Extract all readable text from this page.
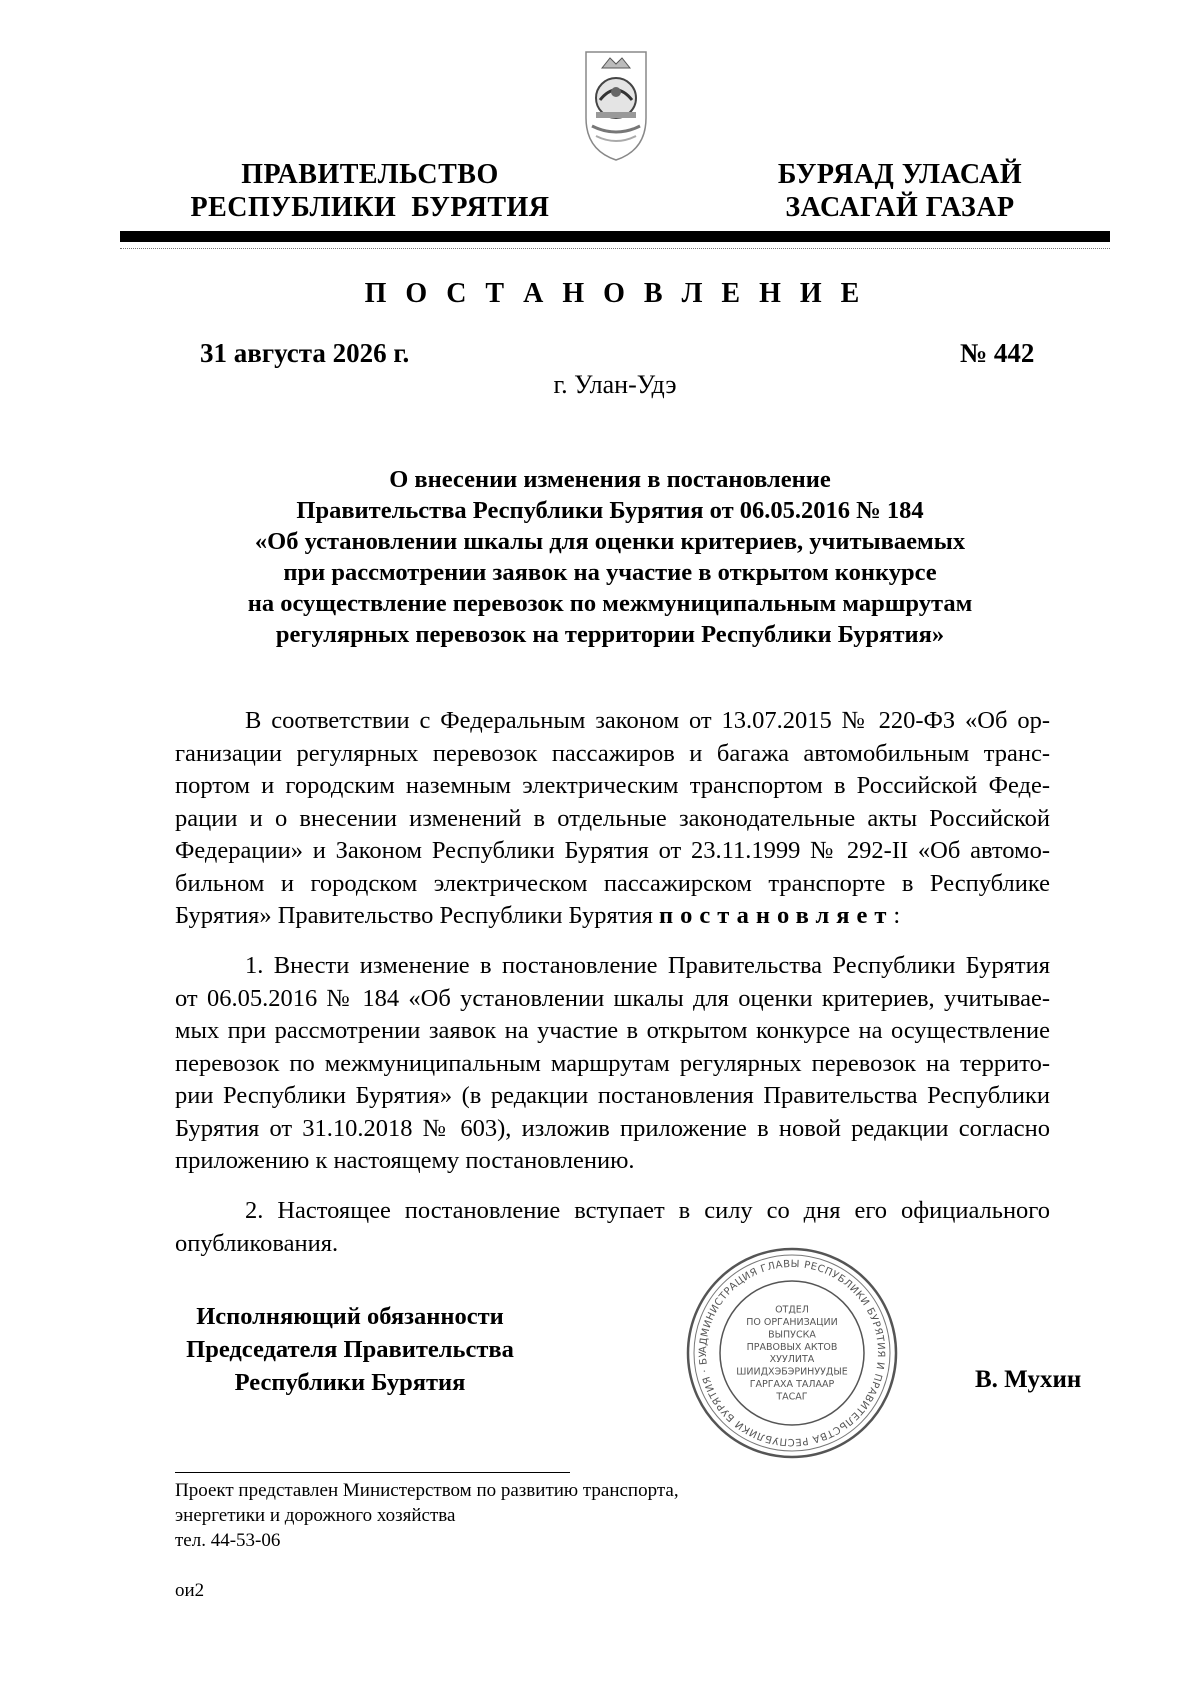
ПРАВИТЕЛЬСТВО
РЕСПУБЛИКИ  БУРЯТИЯ
БУРЯАД УЛАСАЙ
ЗАСАГАЙ ГАЗАР
П О С Т А Н О В Л Е Н И Е
31 августа 2026 г.	№ 442
г. Улан-Удэ
О внесении изменения в постановление
Правительства Республики Бурятия от 06.05.2016 № 184
«Об установлении шкалы для оценки критериев, учитываемых
при рассмотрении заявок на участие в открытом конкурсе
на осуществление перевозок по межмуниципальным маршрутам
регулярных перевозок на территории Республики Бурятия»
В соответствии с Федеральным законом от 13.07.2015 № 220-ФЗ «Об ор-
ганизации регулярных перевозок пассажиров и багажа автомобильным транс-
портом и городским наземным электрическим транспортом в Российской Феде-
рации и о внесении изменений в отдельные законодательные акты Российской
Федерации» и Законом Республики Бурятия от 23.11.1999 № 292-II «Об автомо-
бильном и городском электрическом пассажирском транспорте в Республике
Бурятия» Правительство Республики Бурятия постановляет:
1. Внести изменение в постановление Правительства Республики Бурятия
от 06.05.2016 № 184 «Об установлении шкалы для оценки критериев, учитывае-
мых при рассмотрении заявок на участие в открытом конкурсе на осуществление
перевозок по межмуниципальным маршрутам регулярных перевозок на террито-
рии Республики Бурятия» (в редакции постановления Правительства Республики
Бурятия от 31.10.2018 № 603), изложив приложение в новой редакции согласно
приложению к настоящему постановлению.
2. Настоящее постановление вступает в силу со дня его официального
опубликования.
Исполняющий обязанности
Председателя Правительства
Республики Бурятия
АДМИНИСТРАЦИЯ ГЛАВЫ РЕСПУБЛИКИ БУРЯТИЯ И ПРАВИТЕЛЬСТВА РЕСПУБЛИКИ БУРЯТИЯ · БУ
ОТДЕЛ
ПО ОРГАНИЗАЦИИ
ВЫПУСКА
ПРАВОВЫХ АКТОВ
ХУУЛИТА
ШИИДХЭБЭРИНУУДЫЕ
ГАРГАХА ТАЛААР
ТАСАГ
В. Мухин
Проект представлен Министерством по развитию транспорта,
энергетики и дорожного хозяйства
тел. 44-53-06
ои2
